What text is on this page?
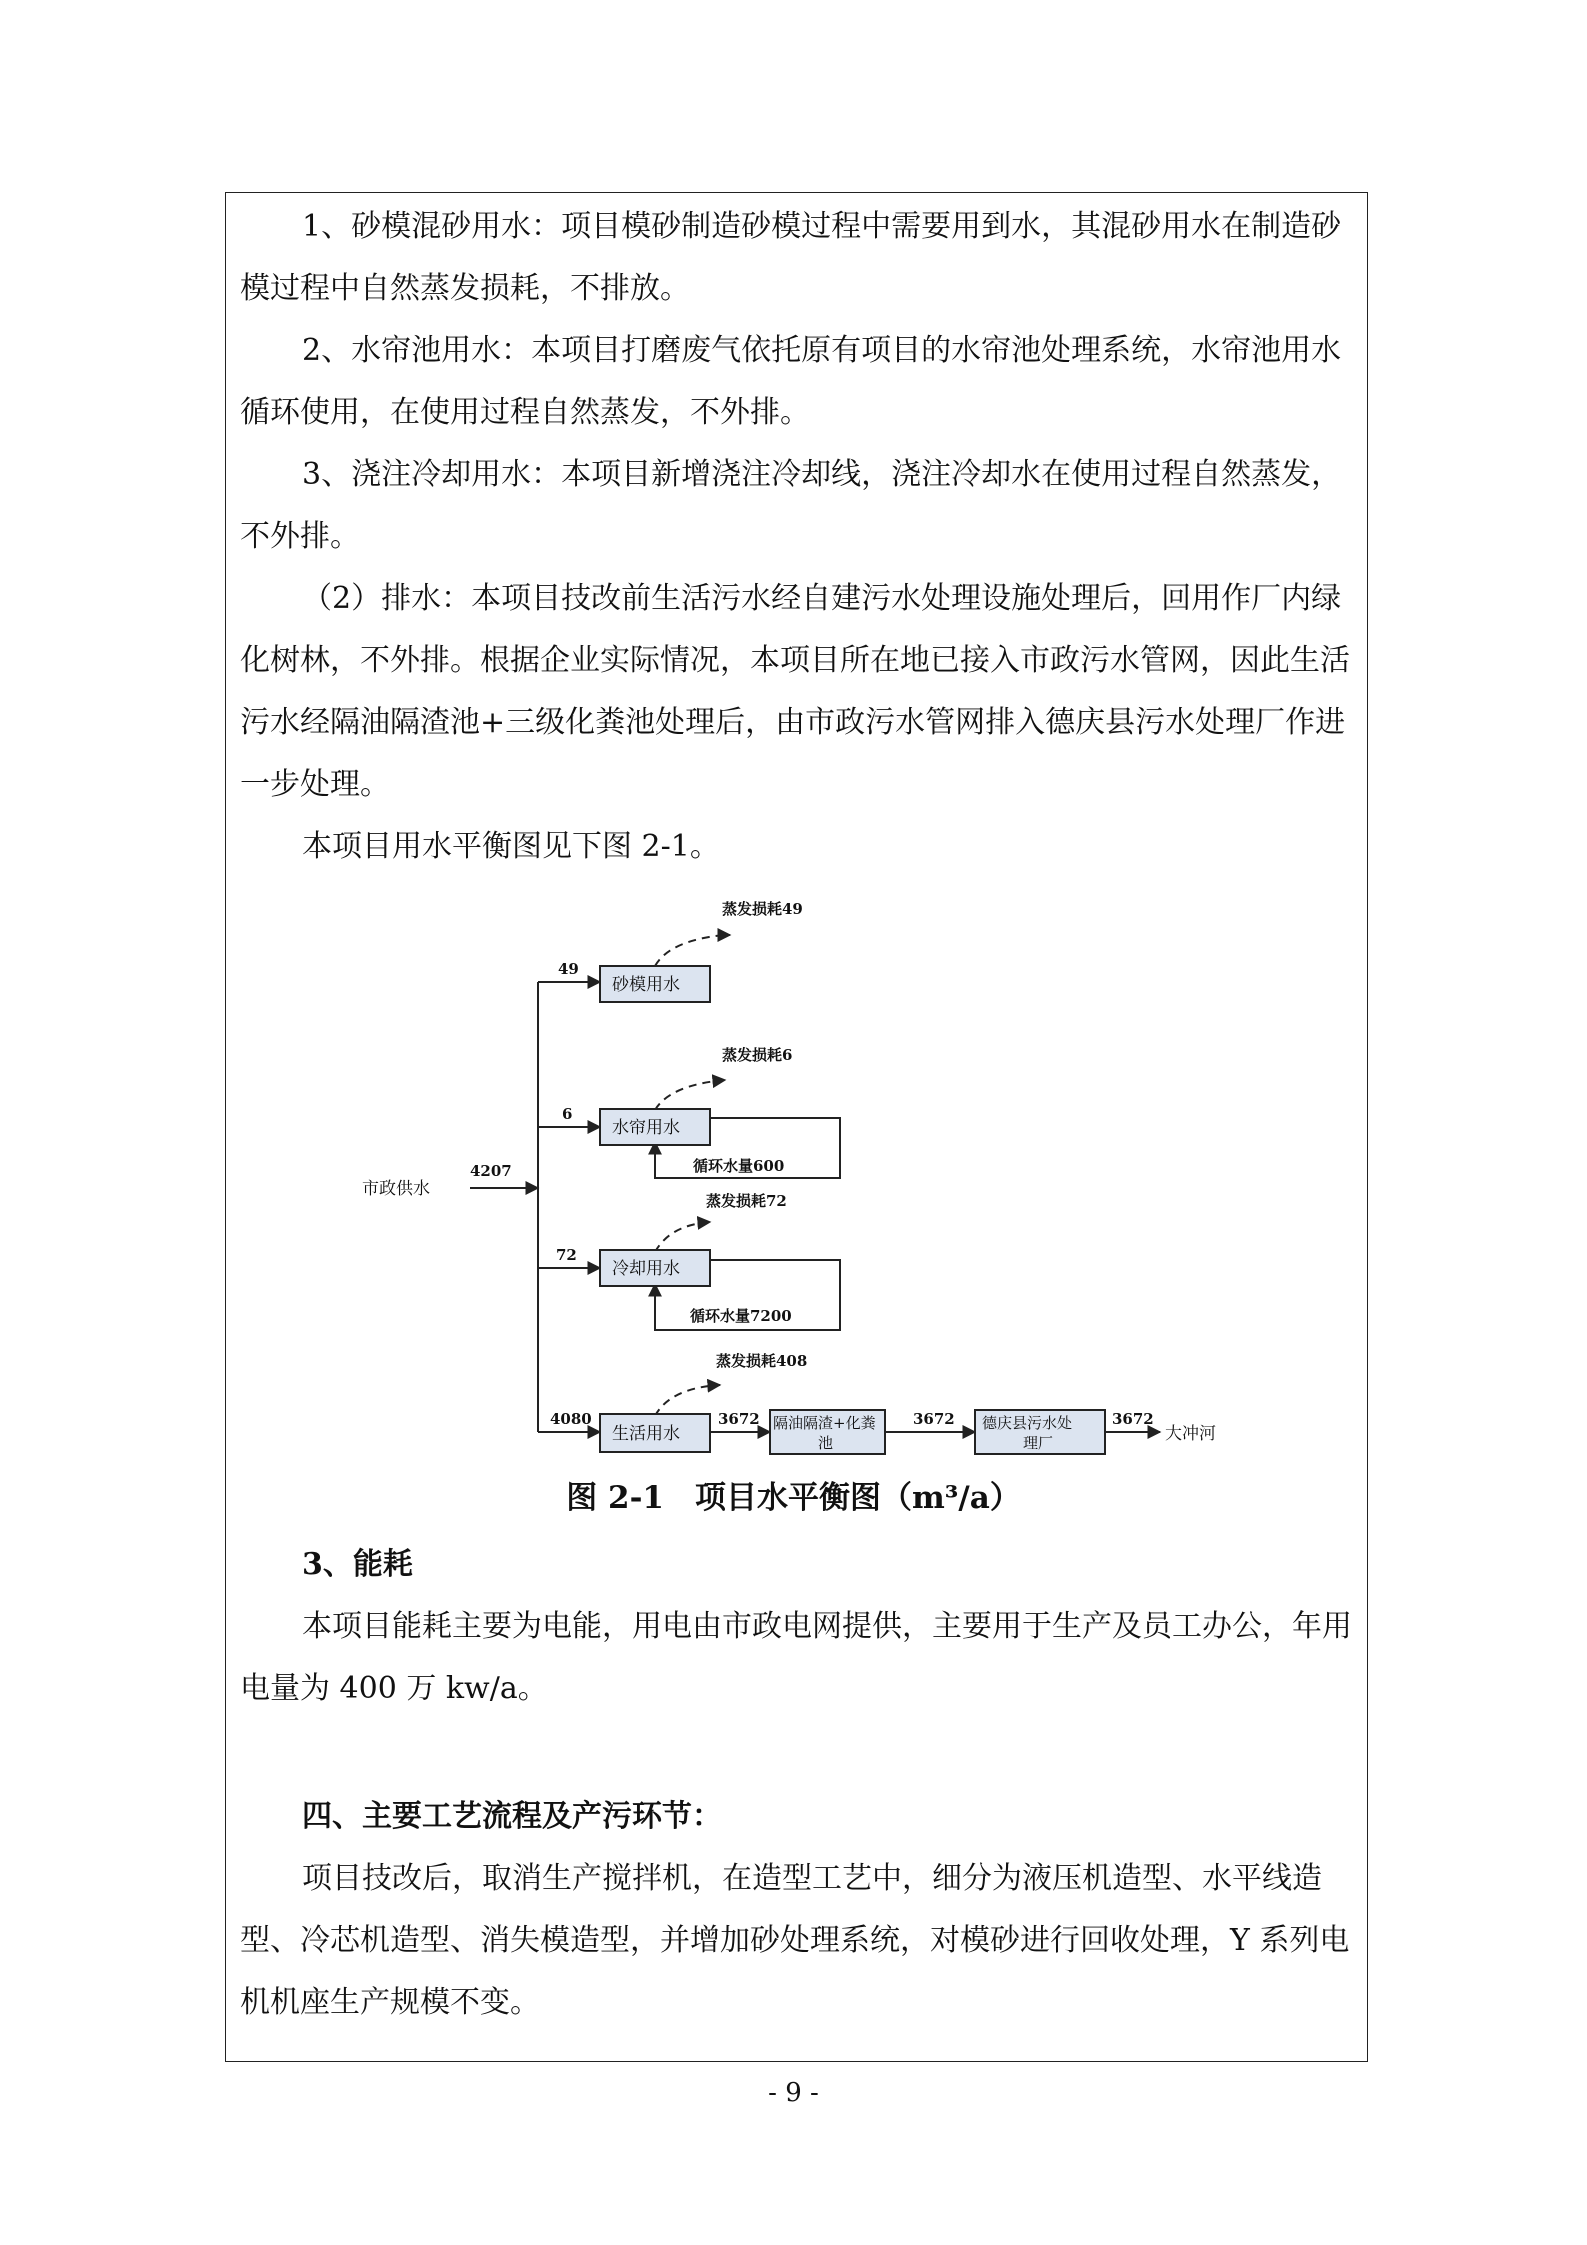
1、砂模混砂用水：项目模砂制造砂模过程中需要用到水，其混砂用水在制造砂模过程中自然蒸发损耗，不排放。

2、水帘池用水：本项目打磨废气依托原有项目的水帘池处理系统，水帘池用水循环使用，在使用过程自然蒸发，不外排。

3、浇注冷却用水：本项目新增浇注冷却线，浇注冷却水在使用过程自然蒸发，不外排。

（2）排水：本项目技改前生活污水经自建污水处理设施处理后，回用作厂内绿化树林，不外排。根据企业实际情况，本项目所在地已接入市政污水管网，因此生活污水经隔油隔渣池+三级化粪池处理后，由市政污水管网排入德庆县污水处理厂作进一步处理。

本项目用水平衡图见下图 2-1。

市政供水
4207
49
6
72
4080
砂模用水
水帘用水
冷却用水
生活用水
隔油隔渣+化粪
池
德庆县污水处
理厂
蒸发损耗49
蒸发损耗6
蒸发损耗72
蒸发损耗408
循环水量600
循环水量7200
3672	3672	3672
大冲河
图 2-1　项目水平衡图（m³/a）

3、能耗

本项目能耗主要为电能，用电由市政电网提供，主要用于生产及员工办公，年用电量为 400 万 kw/a。

四、主要工艺流程及产污环节：

项目技改后，取消生产搅拌机，在造型工艺中，细分为液压机造型、水平线造型、冷芯机造型、消失模造型，并增加砂处理系统，对模砂进行回收处理，Y 系列电机机座生产规模不变。

- 9 -
